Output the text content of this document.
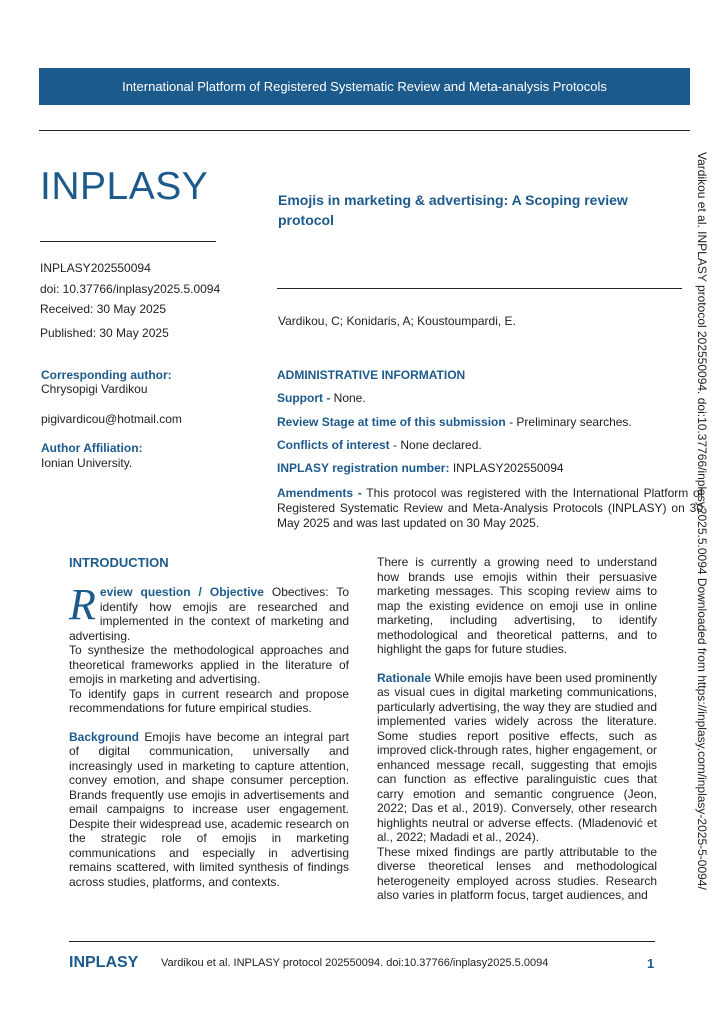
International Platform of Registered Systematic Review and Meta-analysis Protocols
INPLASY
INPLASY202550094
doi: 10.37766/inplasy2025.5.0094
Received: 30 May 2025
Published: 30 May 2025
Emojis in marketing & advertising: A Scoping review protocol
Vardikou, C; Konidaris, A; Koustoumpardi, E.
Corresponding author:
Chrysopigi Vardikou
pigivardicou@hotmail.com
Author Affiliation:
Ionian University.
ADMINISTRATIVE INFORMATION
Support - None.
Review Stage at time of this submission - Preliminary searches.
Conflicts of interest - None declared.
INPLASY registration number: INPLASY202550094
Amendments - This protocol was registered with the International Platform of Registered Systematic Review and Meta-Analysis Protocols (INPLASY) on 30 May 2025 and was last updated on 30 May 2025.
INTRODUCTION

Review question / Objective Obectives: To identify how emojis are researched and implemented in the context of marketing and advertising.

To synthesize the methodological approaches and theoretical frameworks applied in the literature of emojis in marketing and advertising.

To identify gaps in current research and propose recommendations for future empirical studies.

Background Emojis have become an integral part of digital communication, universally and increasingly used in marketing to capture attention, convey emotion, and shape consumer perception. Brands frequently use emojis in advertisements and email campaigns to increase user engagement. Despite their widespread use, academic research on the strategic role of emojis in marketing communications and especially in advertising remains scattered, with limited synthesis of findings across studies, platforms, and contexts.

There is currently a growing need to understand how brands use emojis within their persuasive marketing messages. This scoping review aims to map the existing evidence on emoji use in online marketing, including advertising, to identify methodological and theoretical patterns, and to highlight the gaps for future studies.

Rationale While emojis have been used prominently as visual cues in digital marketing communications, particularly advertising, the way they are studied and implemented varies widely across the literature. Some studies report positive effects, such as improved click-through rates, higher engagement, or enhanced message recall, suggesting that emojis can function as effective paralinguistic cues that carry emotion and semantic congruence (Jeon, 2022; Das et al., 2019). Conversely, other research highlights neutral or adverse effects. (Mladenović et al., 2022; Madadi et al., 2024).

These mixed findings are partly attributable to the diverse theoretical lenses and methodological heterogeneity employed across studies. Research also varies in platform focus, target audiences, and

Vardikou et al. INPLASY protocol 202550094. doi:10.37766/inplasy2025.5.0094 Downloaded from https://inplasy.com/inplasy-2025-5-0094/
INPLASY Vardikou et al. INPLASY protocol 202550094. doi:10.37766/inplasy2025.5.0094	1
